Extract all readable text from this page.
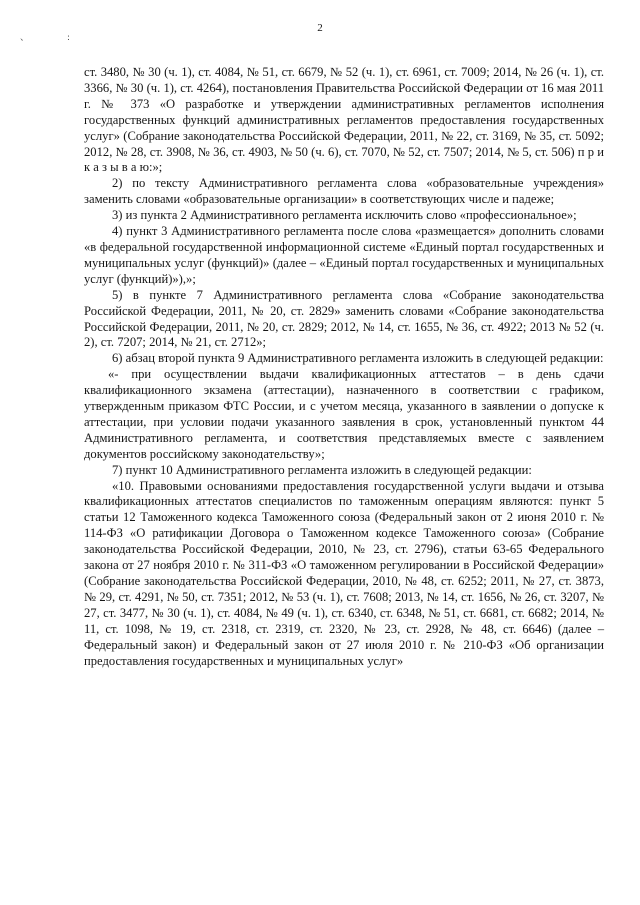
、 :
2

ст. 3480, № 30 (ч. 1), ст. 4084, № 51, ст. 6679, № 52 (ч. 1), ст. 6961, ст. 7009; 2014, № 26 (ч. 1), ст. 3366, № 30 (ч. 1), ст. 4264), постановления Правительства Российской Федерации от 16 мая 2011 г. № 373 «О разработке и утверждении административных регламентов исполнения государственных функций административных регламентов предоставления государственных услуг» (Собрание законодательства Российской Федерации, 2011, № 22, ст. 3169, № 35, ст. 5092; 2012, № 28, ст. 3908, № 36, ст. 4903, № 50 (ч. 6), ст. 7070, № 52, ст. 7507; 2014, № 5, ст. 506) п р и к а з ы в а ю:»;

2) по тексту Административного регламента слова «образовательные учреждения» заменить словами «образовательные организации» в соответствующих числе и падеже;

3) из пункта 2 Административного регламента исключить слово «профессиональное»;

4) пункт 3 Административного регламента после слова «размещается» дополнить словами «в федеральной государственной информационной системе «Единый портал государственных и муниципальных услуг (функций)» (далее – «Единый портал государственных и муниципальных услуг (функций)»),»;

5) в пункте 7 Административного регламента слова «Собрание законодательства Российской Федерации, 2011, № 20, ст. 2829» заменить словами «Собрание законодательства Российской Федерации, 2011, № 20, ст. 2829; 2012, № 14, ст. 1655, № 36, ст. 4922; 2013 № 52 (ч. 2), ст. 7207; 2014, № 21, ст. 2712»;

6) абзац второй пункта 9 Административного регламента изложить в следующей редакции:

«- при осуществлении выдачи квалификационных аттестатов – в день сдачи квалификационного экзамена (аттестации), назначенного в соответствии с графиком, утвержденным приказом ФТС России, и с учетом месяца, указанного в заявлении о допуске к аттестации, при условии подачи указанного заявления в срок, установленный пунктом 44 Административного регламента, и соответствия представляемых вместе с заявлением документов российскому законодательству»;

7) пункт 10 Административного регламента изложить в следующей редакции:

«10. Правовыми основаниями предоставления государственной услуги выдачи и отзыва квалификационных аттестатов специалистов по таможенным операциям являются: пункт 5 статьи 12 Таможенного кодекса Таможенного союза (Федеральный закон от 2 июня 2010 г. № 114-ФЗ «О ратификации Договора о Таможенном кодексе Таможенного союза» (Собрание законодательства Российской Федерации, 2010, № 23, ст. 2796), статьи 63-65 Федерального закона от 27 ноября 2010 г. № 311-ФЗ «О таможенном регулировании в Российской Федерации» (Собрание законодательства Российской Федерации, 2010, № 48, ст. 6252; 2011, № 27, ст. 3873, № 29, ст. 4291, № 50, ст. 7351; 2012, № 53 (ч. 1), ст. 7608; 2013, № 14, ст. 1656, № 26, ст. 3207, № 27, ст. 3477, № 30 (ч. 1), ст. 4084, № 49 (ч. 1), ст. 6340, ст. 6348, № 51, ст. 6681, ст. 6682; 2014, № 11, ст. 1098, № 19, ст. 2318, ст. 2319, ст. 2320, № 23, ст. 2928, № 48, ст. 6646) (далее – Федеральный закон) и Федеральный закон от 27 июля 2010 г. № 210-ФЗ «Об организации предоставления государственных и муниципальных услуг»
